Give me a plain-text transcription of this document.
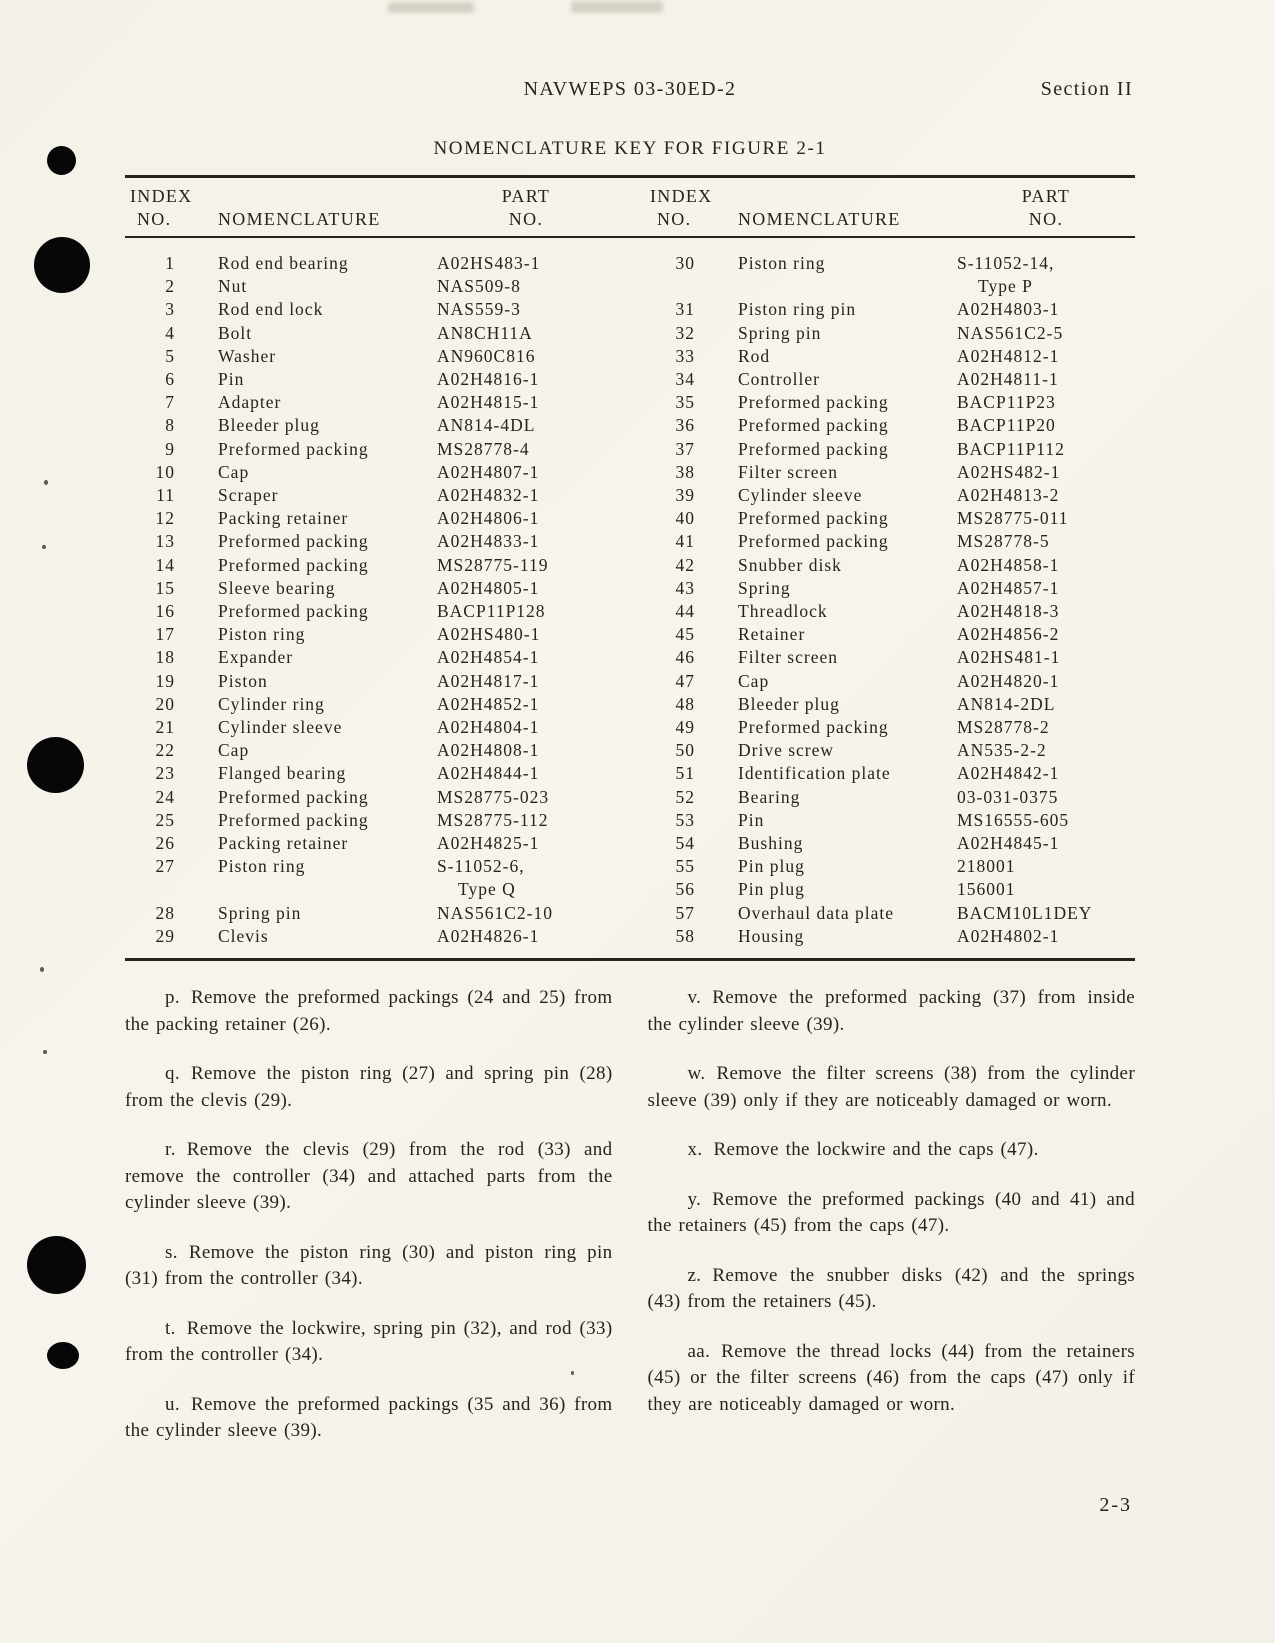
NAVWEPS 03-30ED-2	Section II
NOMENCLATURE KEY FOR FIGURE 2-1
INDEX	PART
NO.	NOMENCLATURE	NO.
INDEX	PART
NO.	NOMENCLATURE	NO.
1	Rod end bearing	A02HS483-1
2	Nut	NAS509-8
3	Rod end lock	NAS559-3
4	Bolt	AN8CH11A
5	Washer	AN960C816
6	Pin	A02H4816-1
7	Adapter	A02H4815-1
8	Bleeder plug	AN814-4DL
9	Preformed packing	MS28778-4
10	Cap	A02H4807-1
11	Scraper	A02H4832-1
12	Packing retainer	A02H4806-1
13	Preformed packing	A02H4833-1
14	Preformed packing	MS28775-119
15	Sleeve bearing	A02H4805-1
16	Preformed packing	BACP11P128
17	Piston ring	A02HS480-1
18	Expander	A02H4854-1
19	Piston	A02H4817-1
20	Cylinder ring	A02H4852-1
21	Cylinder sleeve	A02H4804-1
22	Cap	A02H4808-1
23	Flanged bearing	A02H4844-1
24	Preformed packing	MS28775-023
25	Preformed packing	MS28775-112
26	Packing retainer	A02H4825-1
27	Piston ring	S-11052-6,
Type Q
28	Spring pin	NAS561C2-10
29	Clevis	A02H4826-1
30	Piston ring	S-11052-14,
Type P
31	Piston ring pin	A02H4803-1
32	Spring pin	NAS561C2-5
33	Rod	A02H4812-1
34	Controller	A02H4811-1
35	Preformed packing	BACP11P23
36	Preformed packing	BACP11P20
37	Preformed packing	BACP11P112
38	Filter screen	A02HS482-1
39	Cylinder sleeve	A02H4813-2
40	Preformed packing	MS28775-011
41	Preformed packing	MS28778-5
42	Snubber disk	A02H4858-1
43	Spring	A02H4857-1
44	Threadlock	A02H4818-3
45	Retainer	A02H4856-2
46	Filter screen	A02HS481-1
47	Cap	A02H4820-1
48	Bleeder plug	AN814-2DL
49	Preformed packing	MS28778-2
50	Drive screw	AN535-2-2
51	Identification plate	A02H4842-1
52	Bearing	03-031-0375
53	Pin	MS16555-605
54	Bushing	A02H4845-1
55	Pin plug	218001
56	Pin plug	156001
57	Overhaul data plate	BACM10L1DEY
58	Housing	A02H4802-1

p. Remove the preformed packings (24 and 25) from the packing retainer (26).

q. Remove the piston ring (27) and spring pin (28) from the clevis (29).

r. Remove the clevis (29) from the rod (33) and remove the controller (34) and attached parts from the cylinder sleeve (39).

s. Remove the piston ring (30) and piston ring pin (31) from the controller (34).

t. Remove the lockwire, spring pin (32), and rod (33) from the controller (34).

u. Remove the preformed packings (35 and 36) from the cylinder sleeve (39).

v. Remove the preformed packing (37) from inside the cylinder sleeve (39).

w. Remove the filter screens (38) from the cylinder sleeve (39) only if they are noticeably damaged or worn.

x. Remove the lockwire and the caps (47).

y. Remove the preformed packings (40 and 41) and the retainers (45) from the caps (47).

z. Remove the snubber disks (42) and the springs (43) from the retainers (45).

aa. Remove the thread locks (44) from the retainers (45) or the filter screens (46) from the caps (47) only if they are noticeably damaged or worn.

2-3
